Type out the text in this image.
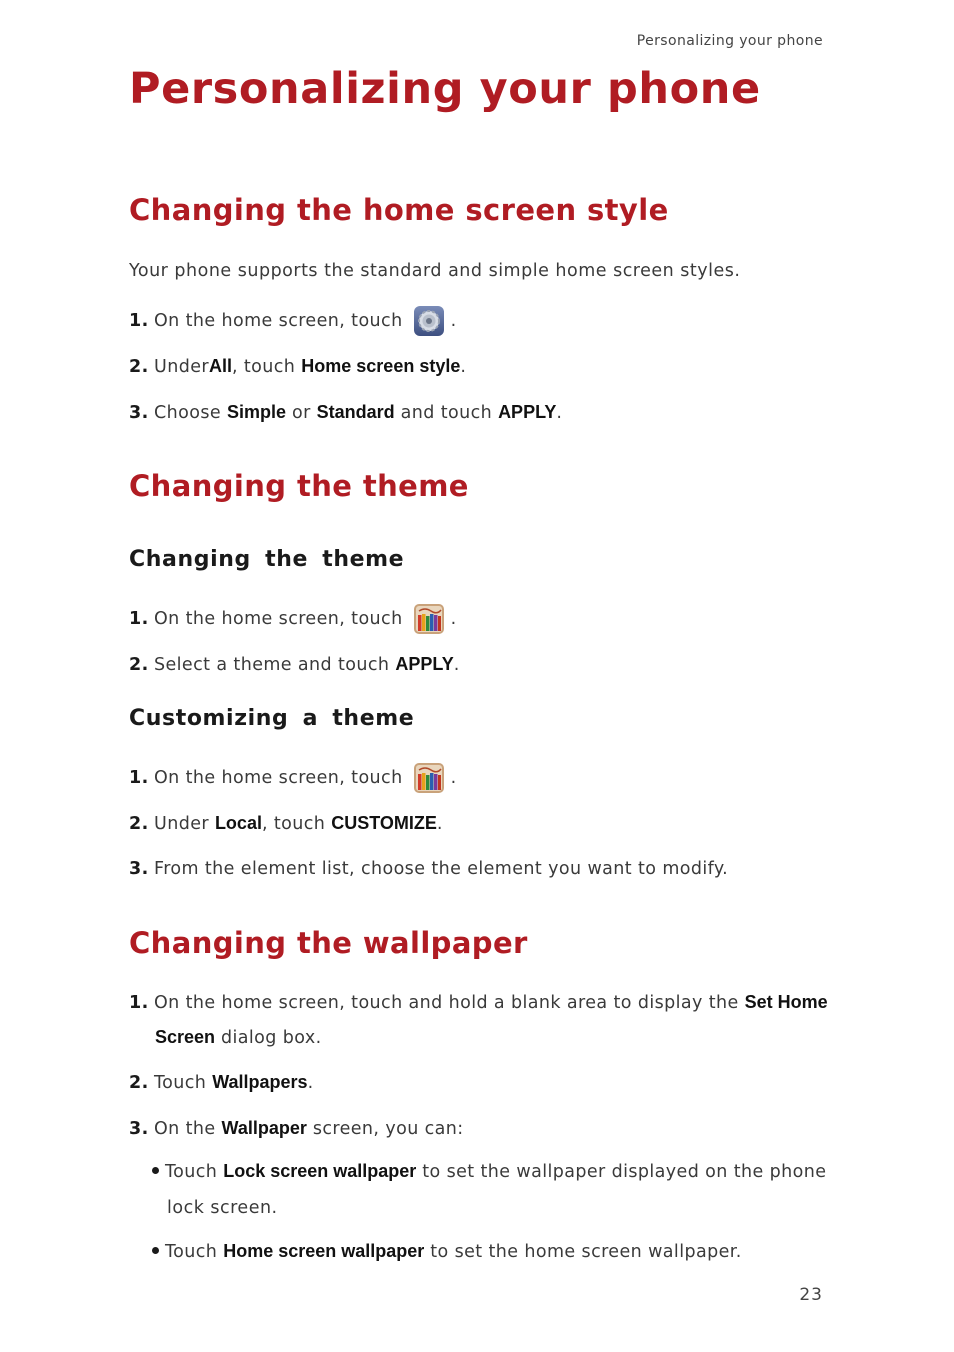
Personalizing your phone
Personalizing your phone
Changing the home screen style
Your phone supports the standard and simple home screen styles.
1. On the home screen, touch	.
2. Under All , touch Home screen style .
3. Choose Simple or Standard and touch APPLY .
Changing the theme
Changing the theme
1. On the home screen, touch	.
2. Select a theme and touch APPLY .
Customizing a theme
1. On the home screen, touch	.
2. Under Local , touch CUSTOMIZE .
3. From the element list, choose the element you want to modify.
Changing the wallpaper
1. On the home screen, touch and hold a blank area to display the Set Home
Screen dialog box.
2. Touch Wallpapers .
3. On the Wallpaper screen, you can:
Touch Lock screen wallpaper to set the wallpaper displayed on the phone
lock screen.
Touch Home screen wallpaper to set the home screen wallpaper.
23
